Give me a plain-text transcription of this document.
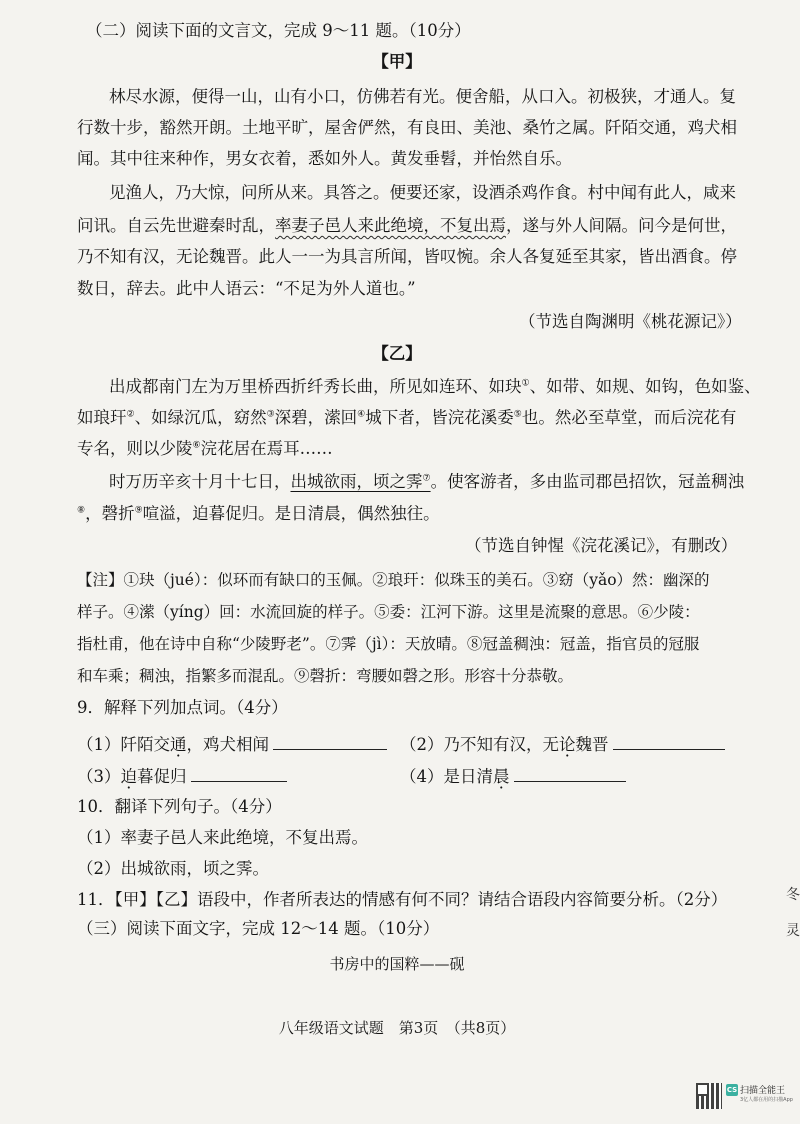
（二）阅读下面的文言文，完成 9～11 题。（10分）
【甲】
林尽水源，便得一山，山有小口，仿佛若有光。便舍船，从口入。初极狭，才通人。复
行数十步，豁然开朗。土地平旷，屋舍俨然，有良田、美池、桑竹之属。阡陌交通，鸡犬相
闻。其中往来种作，男女衣着，悉如外人。黄发垂髫，并怡然自乐。
见渔人，乃大惊，问所从来。具答之。便要还家，设酒杀鸡作食。村中闻有此人，咸来
问讯。自云先世避秦时乱，率妻子邑人来此绝境，不复出焉，遂与外人间隔。问今是何世，
乃不知有汉，无论魏晋。此人一一为具言所闻，皆叹惋。余人各复延至其家，皆出酒食。停
数日，辞去。此中人语云：“不足为外人道也。”
（节选自陶渊明《桃花源记》）
【乙】
出成都南门左为万里桥西折纤秀长曲，所见如连环、如玦①、如带、如规、如钩，色如鉴、
如琅玕②、如绿沉瓜，窈然③深碧，潆回④城下者，皆浣花溪委⑤也。然必至草堂，而后浣花有
专名，则以少陵⑥浣花居在焉耳……
时万历辛亥十月十七日，出城欲雨，顷之霁⑦。使客游者，多由监司郡邑招饮，冠盖稠浊
⑧，磬折⑨喧溢，迫暮促归。是日清晨，偶然独往。
（节选自钟惺《浣花溪记》，有删改）
【注】①玦（jué）：似环而有缺口的玉佩。②琅玕：似珠玉的美石。③窈（yǎo）然：幽深的
样子。④潆（yíng）回：水流回旋的样子。⑤委：江河下游。这里是流聚的意思。⑥少陵：
指杜甫，他在诗中自称“少陵野老”。⑦霁（jì）：天放晴。⑧冠盖稠浊：冠盖，指官员的冠服
和车乘；稠浊，指繁多而混乱。⑨磬折：弯腰如磬之形。形容十分恭敬。
9．解释下列加点词。（4分）
（1）阡陌交通，鸡犬相闻	（2）乃不知有汉，无论魏晋
（3）迫暮促归	（4）是日清晨
10．翻译下列句子。（4分）
（1）率妻子邑人来此绝境，不复出焉。
（2）出城欲雨，顷之霁。
11．【甲】【乙】语段中，作者所表达的情感有何不同？请结合语段内容简要分析。（2分）
（三）阅读下面文字，完成 12～14 题。（10分）
书房中的国粹——砚
八年级语文试题　第3页　（共8页）
冬
灵
CS 扫描全能王
3亿人都在用的扫描App
